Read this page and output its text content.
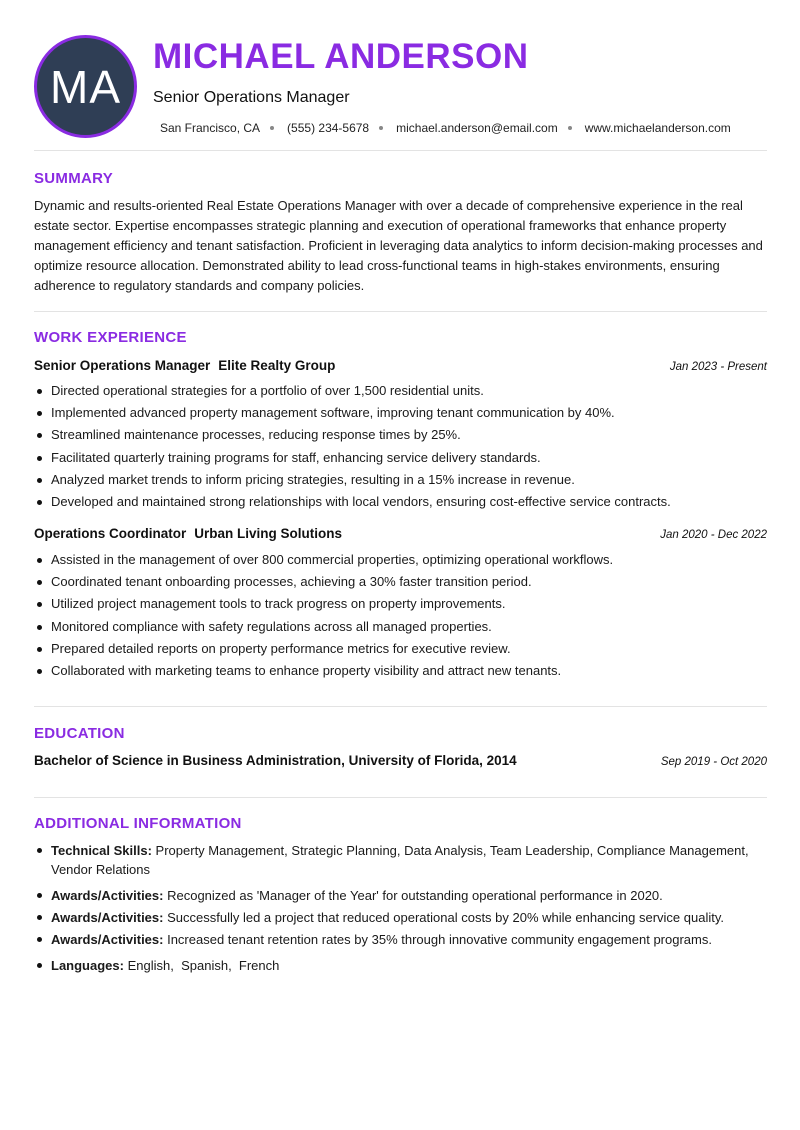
MA
MICHAEL ANDERSON
Senior Operations Manager
San Francisco, CA (555) 234-5678 michael.anderson@email.com www.michaelanderson.com
SUMMARY
Dynamic and results-oriented Real Estate Operations Manager with over a decade of comprehensive experience in the real estate sector. Expertise encompasses strategic planning and execution of operational frameworks that enhance property management efficiency and tenant satisfaction. Proficient in leveraging data analytics to inform decision-making processes and optimize resource allocation. Demonstrated ability to lead cross-functional teams in high-stakes environments, ensuring adherence to regulatory standards and company policies.
WORK EXPERIENCE
Senior Operations Manager Elite Realty Group	Jan 2023 - Present
Directed operational strategies for a portfolio of over 1,500 residential units.
Implemented advanced property management software, improving tenant communication by 40%.
Streamlined maintenance processes, reducing response times by 25%.
Facilitated quarterly training programs for staff, enhancing service delivery standards.
Analyzed market trends to inform pricing strategies, resulting in a 15% increase in revenue.
Developed and maintained strong relationships with local vendors, ensuring cost-effective service contracts.
Operations Coordinator Urban Living Solutions	Jan 2020 - Dec 2022
Assisted in the management of over 800 commercial properties, optimizing operational workflows.
Coordinated tenant onboarding processes, achieving a 30% faster transition period.
Utilized project management tools to track progress on property improvements.
Monitored compliance with safety regulations across all managed properties.
Prepared detailed reports on property performance metrics for executive review.
Collaborated with marketing teams to enhance property visibility and attract new tenants.
EDUCATION
Bachelor of Science in Business Administration, University of Florida, 2014	Sep 2019 - Oct 2020
ADDITIONAL INFORMATION
Technical Skills: Property Management, Strategic Planning, Data Analysis, Team Leadership, Compliance Management, Vendor Relations
Awards/Activities: Recognized as 'Manager of the Year' for outstanding operational performance in 2020.
Awards/Activities: Successfully led a project that reduced operational costs by 20% while enhancing service quality.
Awards/Activities: Increased tenant retention rates by 35% through innovative community engagement programs.
Languages: English,  Spanish,  French
